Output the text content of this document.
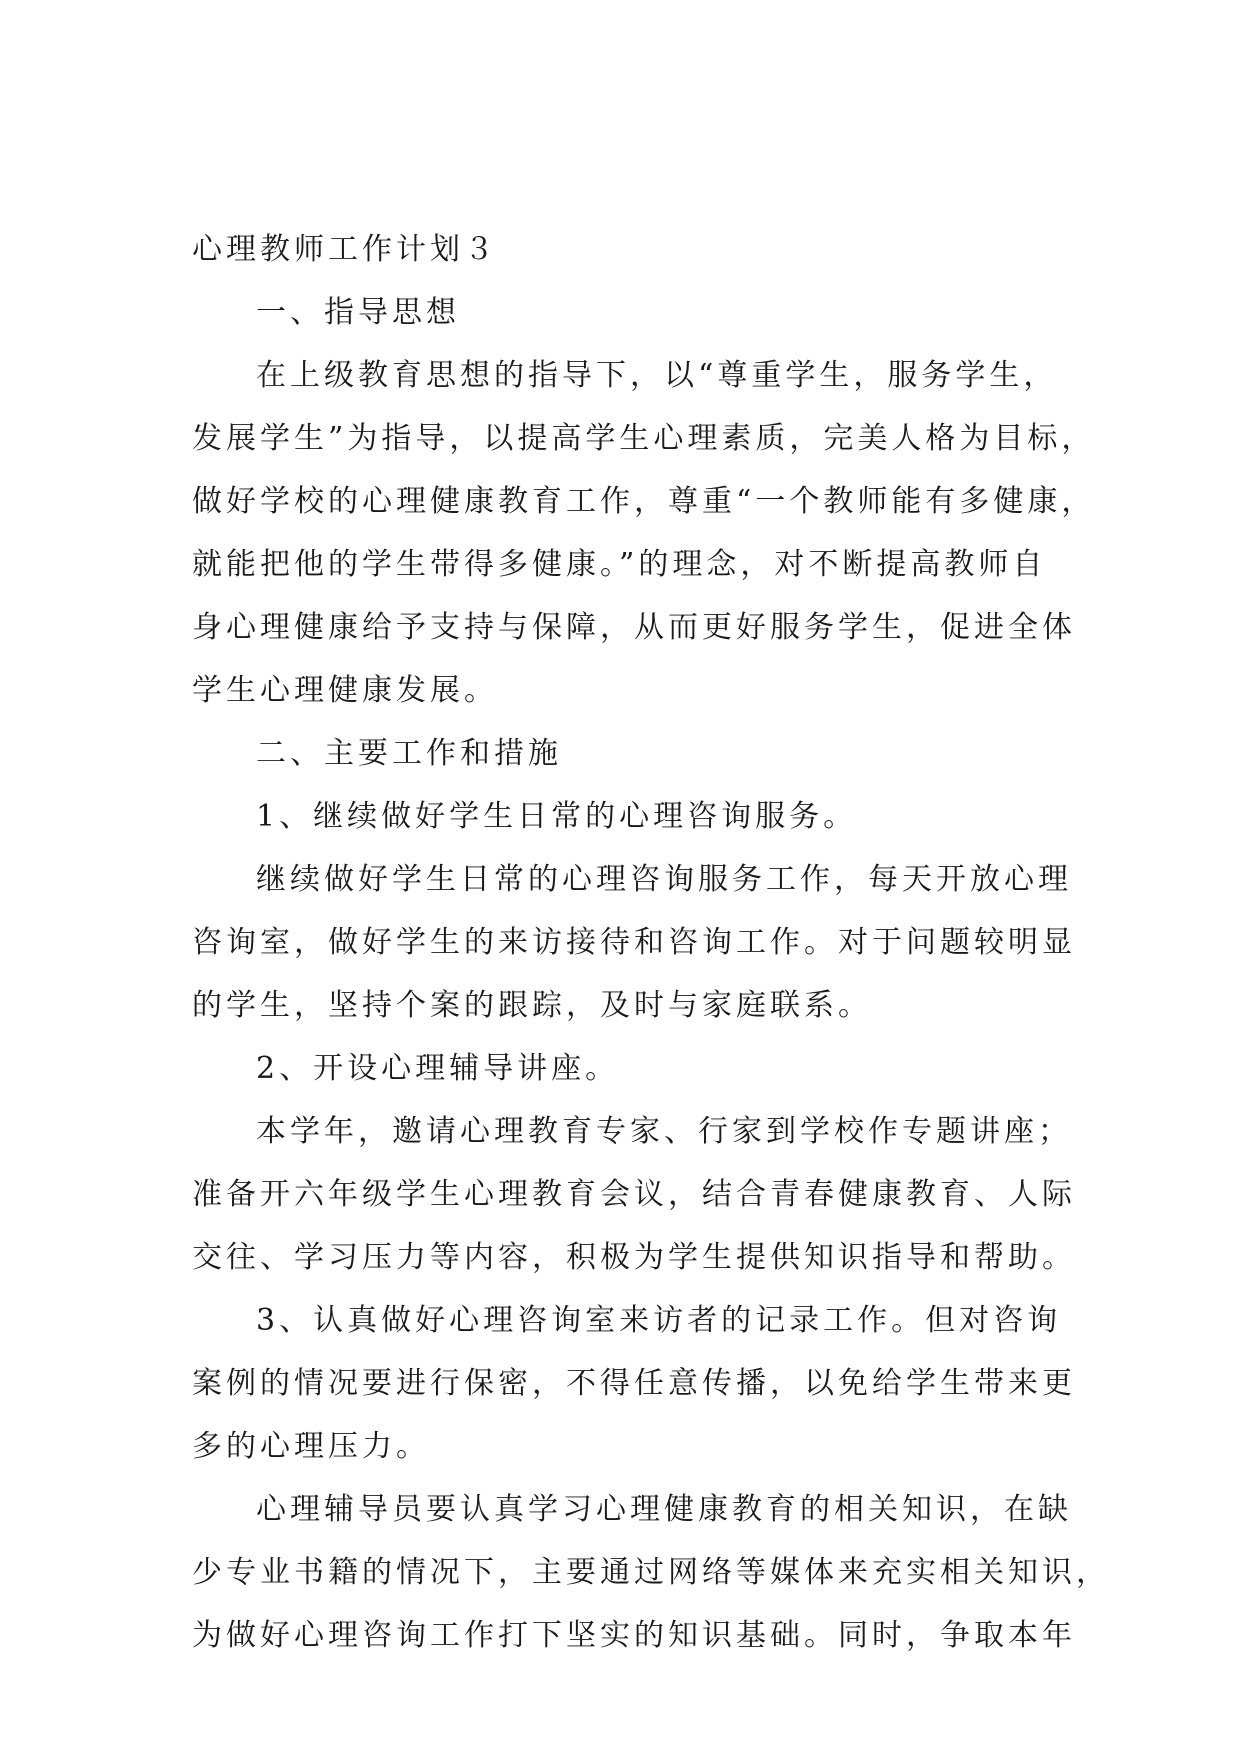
心理教师工作计划３
一、指导思想
在上级教育思想的指导下，以“尊重学生，服务学生，
发展学生”为指导，以提高学生心理素质，完美人格为目标，
做好学校的心理健康教育工作，尊重“一个教师能有多健康，
就能把他的学生带得多健康。”的理念，对不断提高教师自
身心理健康给予支持与保障，从而更好服务学生，促进全体
学生心理健康发展。
二、主要工作和措施
1、继续做好学生日常的心理咨询服务。
继续做好学生日常的心理咨询服务工作，每天开放心理
咨询室，做好学生的来访接待和咨询工作。对于问题较明显
的学生，坚持个案的跟踪，及时与家庭联系。
2、开设心理辅导讲座。
本学年，邀请心理教育专家、行家到学校作专题讲座；
准备开六年级学生心理教育会议，结合青春健康教育、人际
交往、学习压力等内容，积极为学生提供知识指导和帮助。
3、认真做好心理咨询室来访者的记录工作。但对咨询
案例的情况要进行保密，不得任意传播，以免给学生带来更
多的心理压力。
心理辅导员要认真学习心理健康教育的相关知识，在缺
少专业书籍的情况下，主要通过网络等媒体来充实相关知识，
为做好心理咨询工作打下坚实的知识基础。同时，争取本年
